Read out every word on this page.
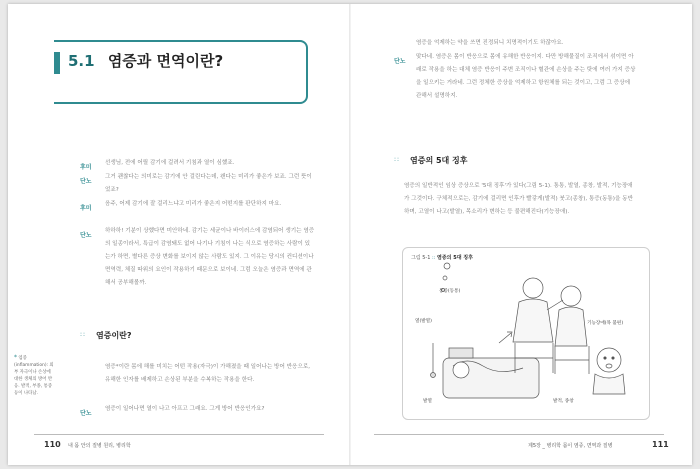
5.1 염증과 면역이란?
후미
선생님, 전에 어릴 감기에 걸려서 기침과 열이 심했죠.
단노
그거 괜찮다는 의미로는 감기에 안 걸린다는데, 왠다는 미리가 좋은가 보죠. 그런 뜻이었죠?
후미
음주, 어제 감기에 잘 걸리느냐고 미리가 좋은지 어떤지를 판단하지 마요.
단노
하하하! 기분이 상했다면 미안하네. 감기는 세균이나 바이러스에 감염되어 생기는 염증의 일종이라서, 특급이 감염돼도 없어 나기나 기침이 나는 식으로 염증하는 사람이 있는가 하면, 별다른 증상 변화를 보이지 않는 사람도 있지. 그 이유는 당시의 컨디션이나 면역력, 체질 따위의 요인이 작용하기 때문으로 보이네. 그럼 오늘은 염증과 면역에 관해서 공부해볼까.
:: 염증이란?
* 염증(inflammation): 외부 자극이나 손상에 대한 생체의 방어 반응. 발적, 부종, 통증 등이 나타남.
염증*이란 몸에 해를 미치는 어떤 작용(자극)이 가해졌을 때 일어나는 방어 반응으로, 유해한 인자를 배제하고 손상된 부분을 수복하는 작용을 한다.
단노
염증이 일어나면 열이 나고 아프고 그래요. 그게 방어 반응인가요?
110 내 몸 안의 질병 원리, 병리학
염증을 억제하는 약을 쓰면 진정되니 치명적이기도 하잖아요.
단노
맞다네. 염증은 몸이 반응으로 몸에 유해한 반응이지. 다만 방해물질이 조직에서 섞이면 아래로 작용을 하는 대체 염증 반응이 주변 조직이나 혈관에 손상을 주는 탓에 여러 가지 증상을 일으키는 거라네. 그런 정체한 증상을 억제하고 항원체를 되는 것이고, 그럼 그 증상에 관해서 설명하지.
:: 염증의 5대 징후
염증의 일반적인 임상 증상으로 '5대 징후'가 있다(그림 5-1). 통통, 발열, 종창, 발적, 기능장애가 그것이다. 구체적으로는, 감기에 걸리면 인후가 빨갛게(발적) 붓고(종창), 통증(동통)을 동반하며, 고열이 나고(발열), 목소리가 변하는 등 불편해진다(기능장애).
그림 5-1 :: 염증의 5대 징후
열(발열)
통증(동통)
기능장애(목 불편)
발열	발적, 종창
제5장 _ 병리학 몸이 염증, 면역과 질병	111
